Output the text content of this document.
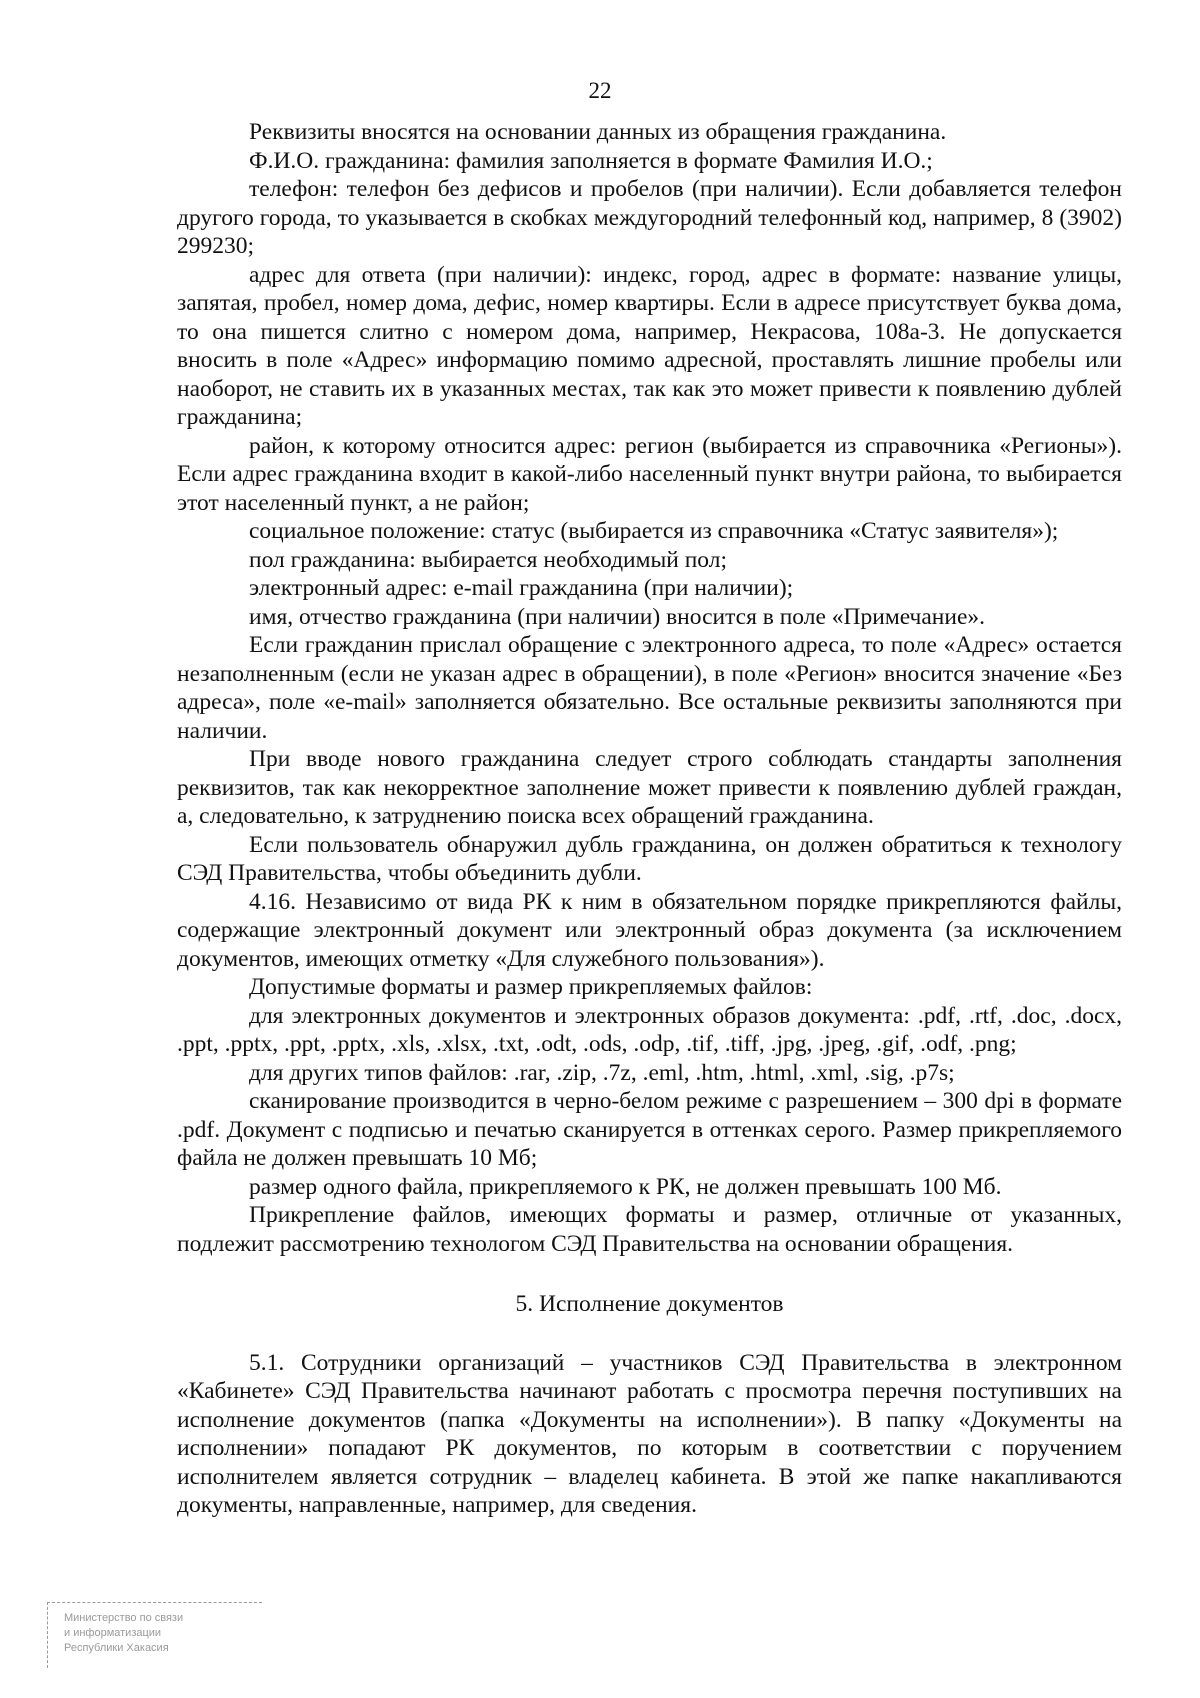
22

Реквизиты вносятся на основании данных из обращения гражданина.

Ф.И.О. гражданина: фамилия заполняется в формате Фамилия И.О.;

телефон: телефон без дефисов и пробелов (при наличии). Если добавляется телефон другого города, то указывается в скобках междугородний телефонный код, например, 8 (3902) 299230;

адрес для ответа (при наличии): индекс, город, адрес в формате: название улицы, запятая, пробел, номер дома, дефис, номер квартиры. Если в адресе присутствует буква дома, то она пишется слитно с номером дома, например, Некрасова, 108а-3. Не допускается вносить в поле «Адрес» информацию помимо адресной, проставлять лишние пробелы или наоборот, не ставить их в указанных местах, так как это может привести к появлению дублей гражданина;

район, к которому относится адрес: регион (выбирается из справочника «Регионы»). Если адрес гражданина входит в какой-либо населенный пункт внутри района, то выбирается этот населенный пункт, а не район;

социальное положение: статус (выбирается из справочника «Статус заявителя»);

пол гражданина: выбирается необходимый пол;

электронный адрес: e-mail гражданина (при наличии);

имя, отчество гражданина (при наличии) вносится в поле «Примечание».

Если гражданин прислал обращение с электронного адреса, то поле «Адрес» остается незаполненным (если не указан адрес в обращении), в поле «Регион» вносится значение «Без адреса», поле «e-mail» заполняется обязательно. Все остальные реквизиты заполняются при наличии.

При вводе нового гражданина следует строго соблюдать стандарты заполнения реквизитов, так как некорректное заполнение может привести к появлению дублей граждан, а, следовательно, к затруднению поиска всех обращений гражданина.

Если пользователь обнаружил дубль гражданина, он должен обратиться к технологу СЭД Правительства, чтобы объединить дубли.

4.16. Независимо от вида РК к ним в обязательном порядке прикрепляются файлы, содержащие электронный документ или электронный образ документа (за исключением документов, имеющих отметку «Для служебного пользования»).

Допустимые форматы и размер прикрепляемых файлов:

для электронных документов и электронных образов документа: .pdf, .rtf, .doc, .docx, .ppt, .pptx, .ppt, .pptx, .xls, .xlsx, .txt, .odt, .ods, .odp, .tif, .tiff, .jpg, .jpeg, .gif, .odf, .png;

для других типов файлов: .rar, .zip, .7z, .eml, .htm, .html, .xml, .sig, .p7s;

сканирование производится в черно-белом режиме с разрешением – 300 dpi в формате .pdf. Документ с подписью и печатью сканируется в оттенках серого. Размер прикрепляемого файла не должен превышать 10 Мб;

размер одного файла, прикрепляемого к РК, не должен превышать 100 Мб.

Прикрепление файлов, имеющих форматы и размер, отличные от указанных, подлежит рассмотрению технологом СЭД Правительства на основании обращения.

5. Исполнение документов

5.1. Сотрудники организаций – участников СЭД Правительства в электронном «Кабинете» СЭД Правительства начинают работать с просмотра перечня поступивших на исполнение документов (папка «Документы на исполнении»). В папку «Документы на исполнении» попадают РК документов, по которым в соответствии с поручением исполнителем является сотрудник – владелец кабинета. В этой же папке накапливаются документы, направленные, например, для сведения.

Министерство по связи
и информатизации
Республики Хакасия
